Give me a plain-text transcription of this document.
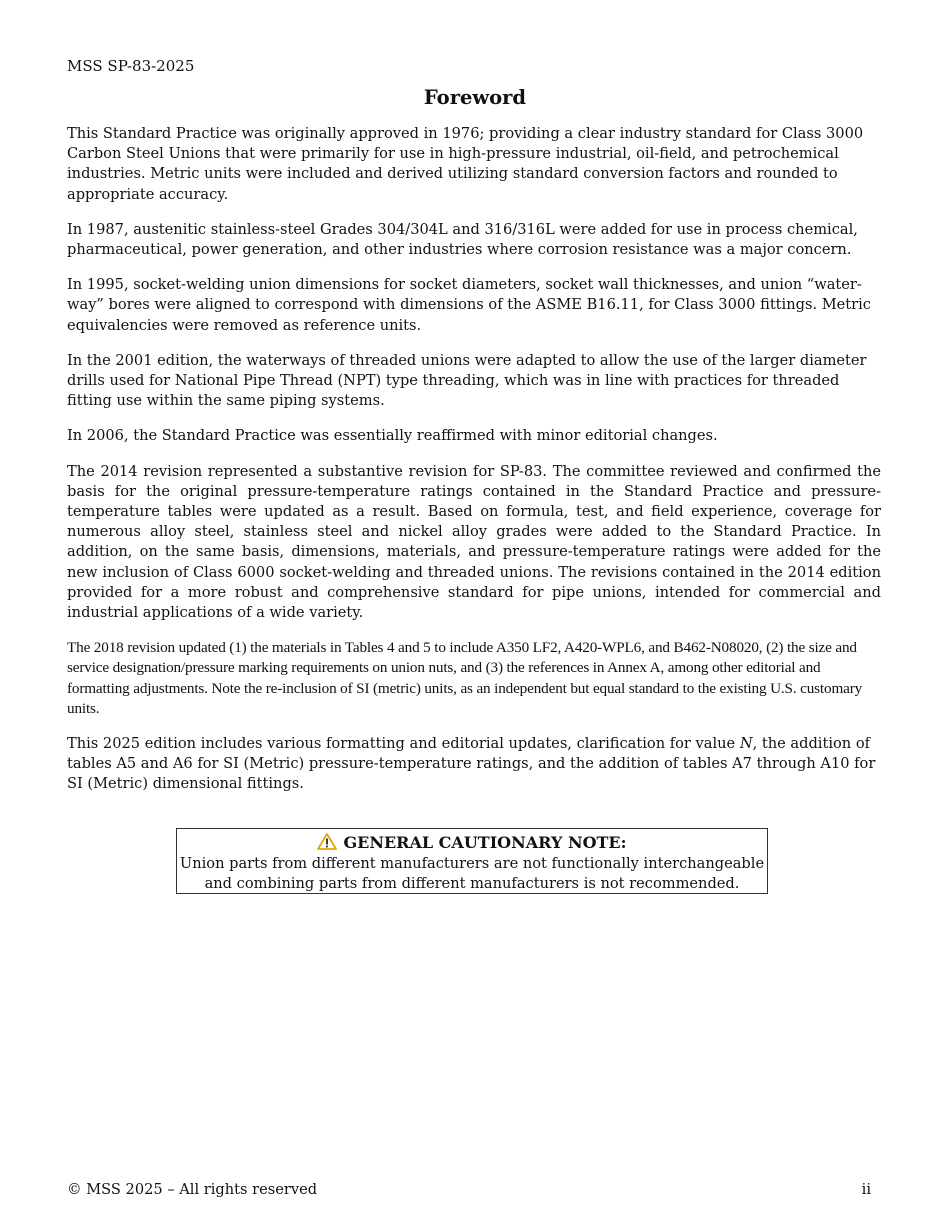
MSS SP-83-2025
Foreword

This Standard Practice was originally approved in 1976; providing a clear industry standard for Class 3000 Carbon Steel Unions that were primarily for use in high-pressure industrial, oil-field, and petrochemical industries. Metric units were included and derived utilizing standard conversion factors and rounded to appropriate accuracy.

In 1987, austenitic stainless-steel Grades 304/304L and 316/316L were added for use in process chemical, pharmaceutical, power generation, and other industries where corrosion resistance was a major concern.

In 1995, socket-welding union dimensions for socket diameters, socket wall thicknesses, and union “water-way” bores were aligned to correspond with dimensions of the ASME B16.11, for Class 3000 fittings. Metric equivalencies were removed as reference units.

In the 2001 edition, the waterways of threaded unions were adapted to allow the use of the larger diameter drills used for National Pipe Thread (NPT) type threading, which was in line with practices for threaded fitting use within the same piping systems.

In 2006, the Standard Practice was essentially reaffirmed with minor editorial changes.

The 2014 revision represented a substantive revision for SP-83. The committee reviewed and confirmed the basis for the original pressure-temperature ratings contained in the Standard Practice and pressure-temperature tables were updated as a result. Based on formula, test, and field experience, coverage for numerous alloy steel, stainless steel and nickel alloy grades were added to the Standard Practice. In addition, on the same basis, dimensions, materials, and pressure-temperature ratings were added for the new inclusion of Class 6000 socket-welding and threaded unions. The revisions contained in the 2014 edition provided for a more robust and comprehensive standard for pipe unions, intended for commercial and industrial applications of a wide variety.

The 2018 revision updated (1) the materials in Tables 4 and 5 to include A350 LF2, A420-WPL6, and B462-N08020, (2) the size and service designation/pressure marking requirements on union nuts, and (3) the references in Annex A, among other editorial and formatting adjustments. Note the re-inclusion of SI (metric) units, as an independent but equal standard to the existing U.S. customary units.

This 2025 edition includes various formatting and editorial updates, clarification for value N, the addition of tables A5 and A6 for SI (Metric) pressure-temperature ratings, and the addition of tables A7 through A10 for SI (Metric) dimensional fittings.

GENERAL CAUTIONARY NOTE:
Union parts from different manufacturers are not functionally interchangeable
and combining parts from different manufacturers is not recommended.
© MSS 2025 – All rights reserved	ii
